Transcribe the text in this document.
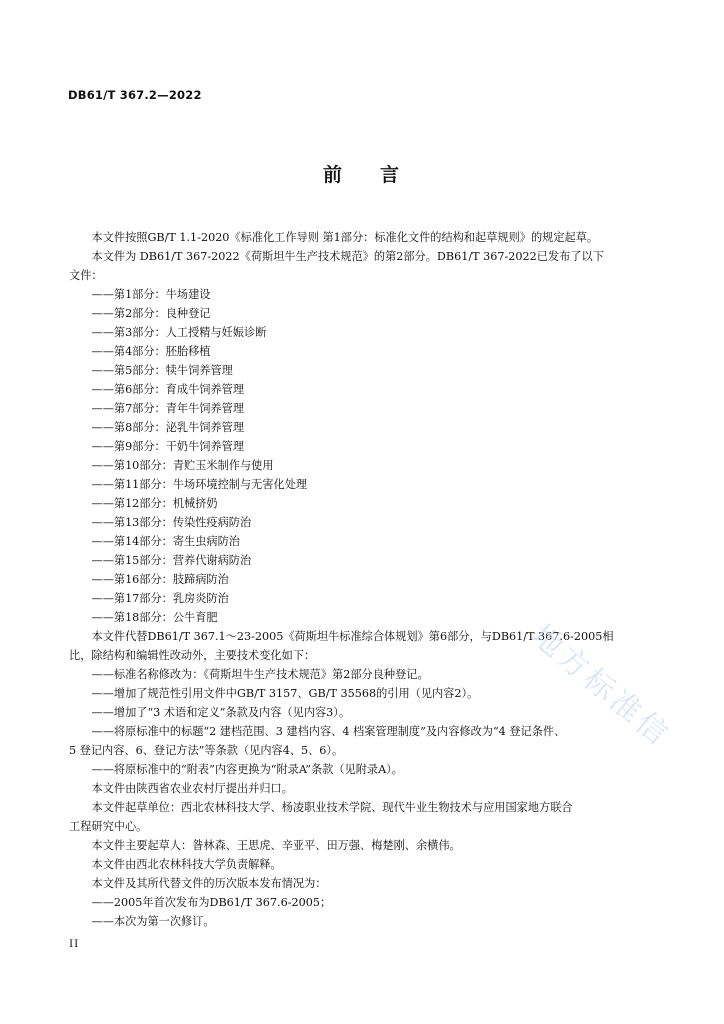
DB61/T 367.2—2022
前 言

本文件按照GB/T 1.1-2020《标准化工作导则 第1部分：标准化文件的结构和起草规则》的规定起草。

本文件为 DB61/T 367-2022《荷斯坦牛生产技术规范》的第2部分。DB61/T 367-2022已发布了以下

文件：

——第1部分：牛场建设

——第2部分：良种登记

——第3部分：人工授精与妊娠诊断

——第4部分：胚胎移植

——第5部分：犊牛饲养管理

——第6部分：育成牛饲养管理

——第7部分：青年牛饲养管理

——第8部分：泌乳牛饲养管理

——第9部分：干奶牛饲养管理

——第10部分：青贮玉米制作与使用

——第11部分：牛场环境控制与无害化处理

——第12部分：机械挤奶

——第13部分：传染性疫病防治

——第14部分：寄生虫病防治

——第15部分：营养代谢病防治

——第16部分：肢蹄病防治

——第17部分：乳房炎防治

——第18部分：公牛育肥

本文件代替DB61/T 367.1～23-2005《荷斯坦牛标准综合体规划》第6部分，与DB61/T 367.6-2005相

比，除结构和编辑性改动外，主要技术变化如下：

——标准名称修改为：《荷斯坦牛生产技术规范》第2部分良种登记。

——增加了规范性引用文件中GB/T 3157、GB/T 35568的引用（见内容2）。

——增加了“3 术语和定义”条款及内容（见内容3）。

——将原标准中的标题“2 建档范围、3 建档内容、4 档案管理制度”及内容修改为“4 登记条件、

5 登记内容、6、登记方法”等条款（见内容4、5、6）。

——将原标准中的“附表”内容更换为“附录A”条款（见附录A）。

本文件由陕西省农业农村厅提出并归口。

本文件起草单位：西北农林科技大学、杨凌职业技术学院、现代牛业生物技术与应用国家地方联合

工程研究中心。

本文件主要起草人：昝林森、王思虎、辛亚平、田万强、梅楚刚、余横伟。

本文件由西北农林科技大学负责解释。

本文件及其所代替文件的历次版本发布情况为：

——2005年首次发布为DB61/T 367.6-2005；

——本次为第一次修订。

II
地方标准信
